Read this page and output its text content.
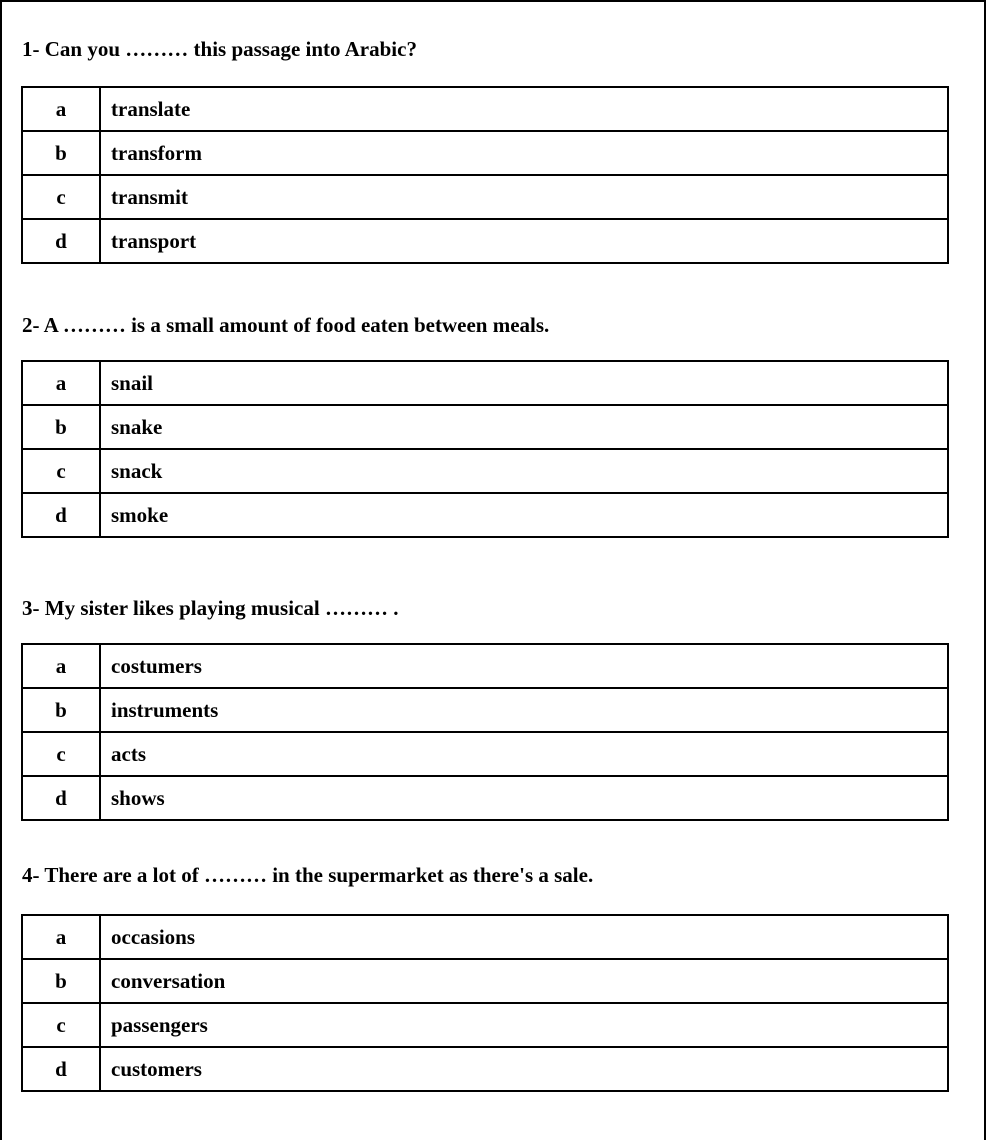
1- Can you ……… this passage into Arabic?
a	translate
b	transform
c	transmit
d	transport
2- A ……… is a small amount of food eaten between meals.
a	snail
b	snake
c	snack
d	smoke
3- My sister likes playing musical ……… .
a	costumers
b	instruments
c	acts
d	shows
4- There are a lot of ……… in the supermarket as there's a sale.
a	occasions
b	conversation
c	passengers
d	customers
